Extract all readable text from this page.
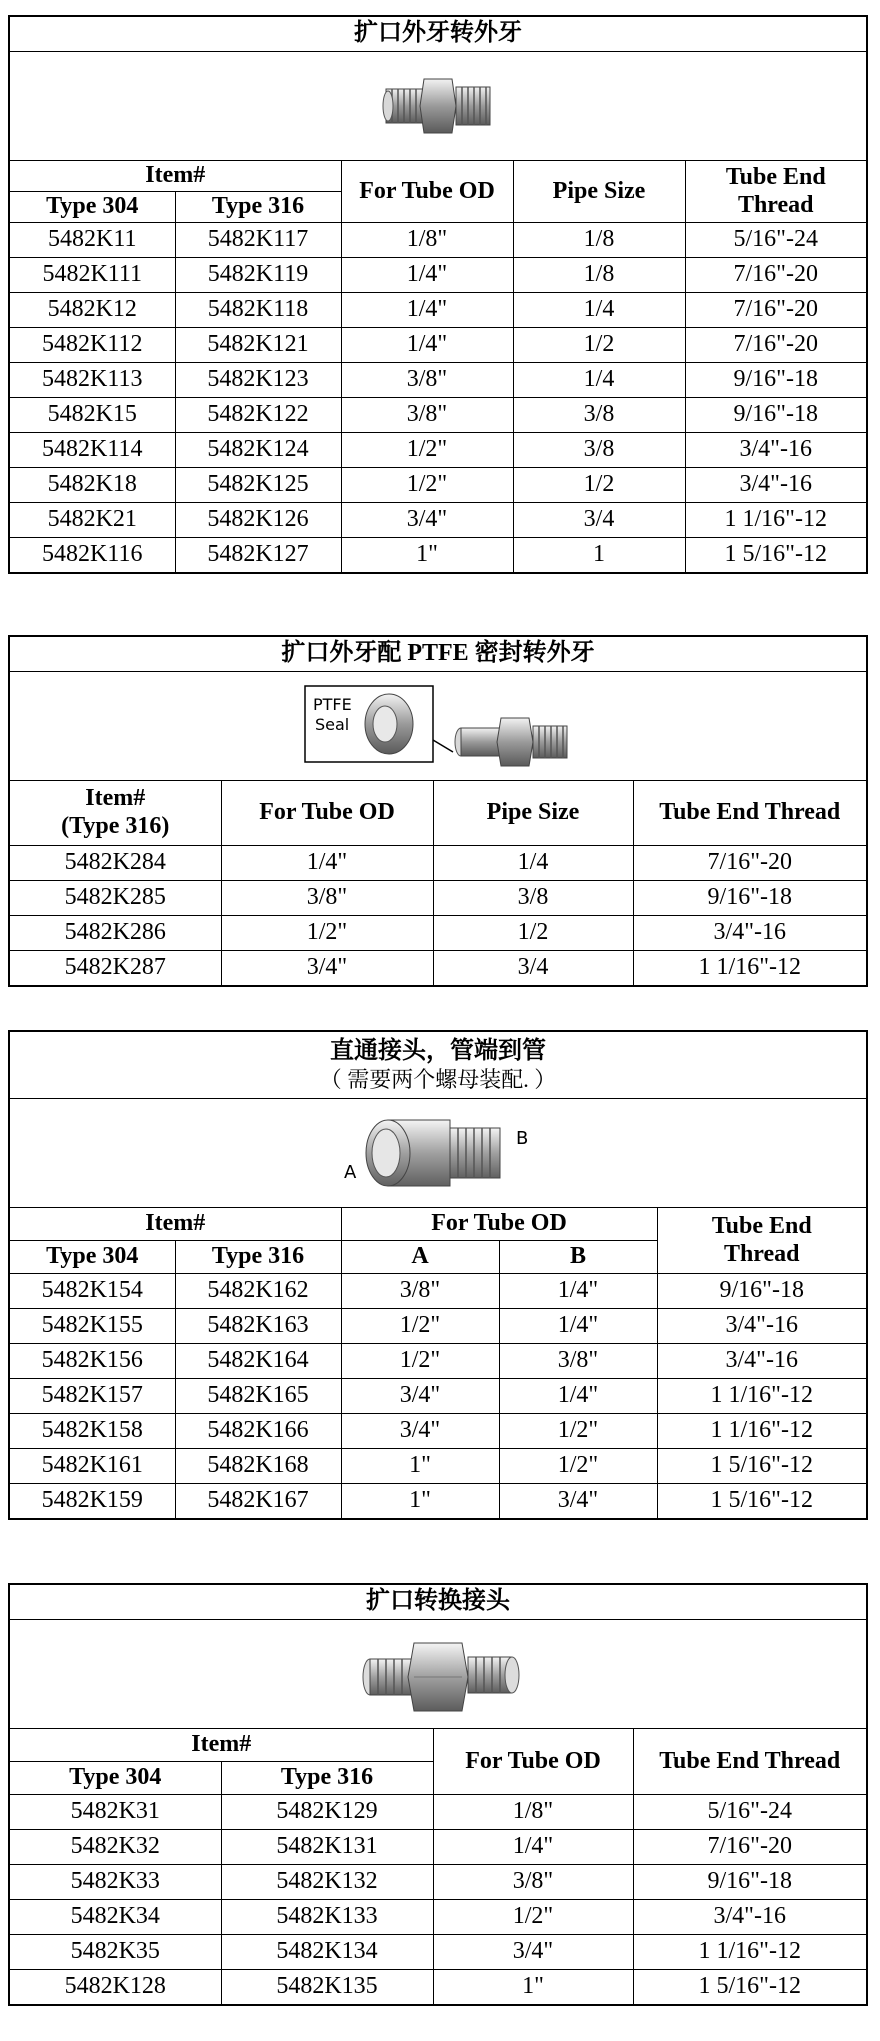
扩口外牙转外牙				

Item#		For Tube OD	Pipe Size	Tube End
Thread
Type 304	Type 316			
5482K11	5482K117	1/8"	1/8	5/16"-24
5482K111	5482K119	1/4"	1/8	7/16"-20
5482K12	5482K118	1/4"	1/4	7/16"-20
5482K112	5482K121	1/4"	1/2	7/16"-20
5482K113	5482K123	3/8"	1/4	9/16"-18
5482K15	5482K122	3/8"	3/8	9/16"-18
5482K114	5482K124	1/2"	3/8	3/4"-16
5482K18	5482K125	1/2"	1/2	3/4"-16
5482K21	5482K126	3/4"	3/4	1 1/16"-12
5482K116	5482K127	1"	1	1 5/16"-12
扩口外牙配 PTFE 密封转外牙			

PTFE
Seal			

Item#
(Type 316)	For Tube OD	Pipe Size	Tube End Thread
5482K284	1/4"	1/4	7/16"-20
5482K285	3/8"	3/8	9/16"-18
5482K286	1/2"	1/2	3/4"-16
5482K287	3/4"	3/4	1 1/16"-12
直通接头，管端到管
（ 需要两个螺母装配. ）				

A
B				

Item#		For Tube OD		Tube End
Thread
Type 304	Type 316	A	B	
5482K154	5482K162	3/8"	1/4"	9/16"-18
5482K155	5482K163	1/2"	1/4"	3/4"-16
5482K156	5482K164	1/2"	3/8"	3/4"-16
5482K157	5482K165	3/4"	1/4"	1 1/16"-12
5482K158	5482K166	3/4"	1/2"	1 1/16"-12
5482K161	5482K168	1"	1/2"	1 5/16"-12
5482K159	5482K167	1"	3/4"	1 5/16"-12
扩口转换接头			

Item#		For Tube OD	Tube End Thread
Type 304	Type 316		
5482K31	5482K129	1/8"	5/16"-24
5482K32	5482K131	1/4"	7/16"-20
5482K33	5482K132	3/8"	9/16"-18
5482K34	5482K133	1/2"	3/4"-16
5482K35	5482K134	3/4"	1 1/16"-12
5482K128	5482K135	1"	1 5/16"-12
